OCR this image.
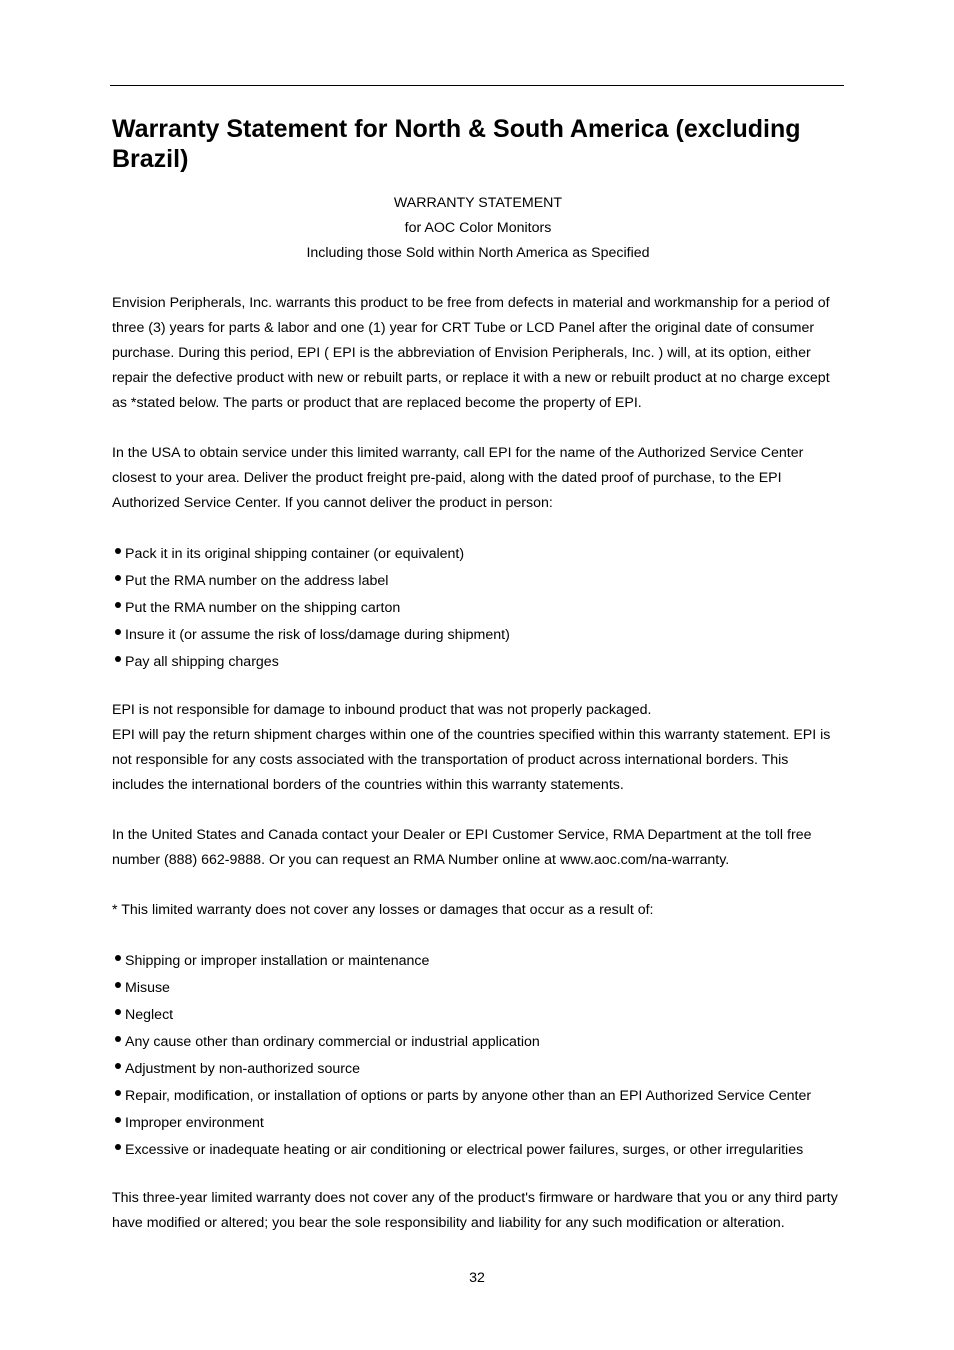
Warranty Statement for North & South America (excluding Brazil)
WARRANTY STATEMENT
for AOC Color Monitors
Including those Sold within North America as Specified

Envision Peripherals, Inc. warrants this product to be free from defects in material and workmanship for a period of three (3) years for parts & labor and one (1) year for CRT Tube or LCD Panel after the original date of consumer purchase. During this period, EPI ( EPI is the abbreviation of Envision Peripherals, Inc. ) will, at its option, either repair the defective product with new or rebuilt parts, or replace it with a new or rebuilt product at no charge except as *stated below. The parts or product that are replaced become the property of EPI.

In the USA to obtain service under this limited warranty, call EPI for the name of the Authorized Service Center closest to your area. Deliver the product freight pre-paid, along with the dated proof of purchase, to the EPI Authorized Service Center. If you cannot deliver the product in person:

Pack it in its original shipping container (or equivalent)
Put the RMA number on the address label
Put the RMA number on the shipping carton
Insure it (or assume the risk of loss/damage during shipment)
Pay all shipping charges

EPI is not responsible for damage to inbound product that was not properly packaged.

EPI will pay the return shipment charges within one of the countries specified within this warranty statement. EPI is not responsible for any costs associated with the transportation of product across international borders. This includes the international borders of the countries within this warranty statements.

In the United States and Canada contact your Dealer or EPI Customer Service, RMA Department at the toll free number (888) 662-9888. Or you can request an RMA Number online at www.aoc.com/na-warranty.

* This limited warranty does not cover any losses or damages that occur as a result of:

Shipping or improper installation or maintenance
Misuse
Neglect
Any cause other than ordinary commercial or industrial application
Adjustment by non-authorized source
Repair, modification, or installation of options or parts by anyone other than an EPI Authorized Service Center
Improper environment
Excessive or inadequate heating or air conditioning or electrical power failures, surges, or other irregularities

This three-year limited warranty does not cover any of the product's firmware or hardware that you or any third party have modified or altered; you bear the sole responsibility and liability for any such modification or alteration.

32
